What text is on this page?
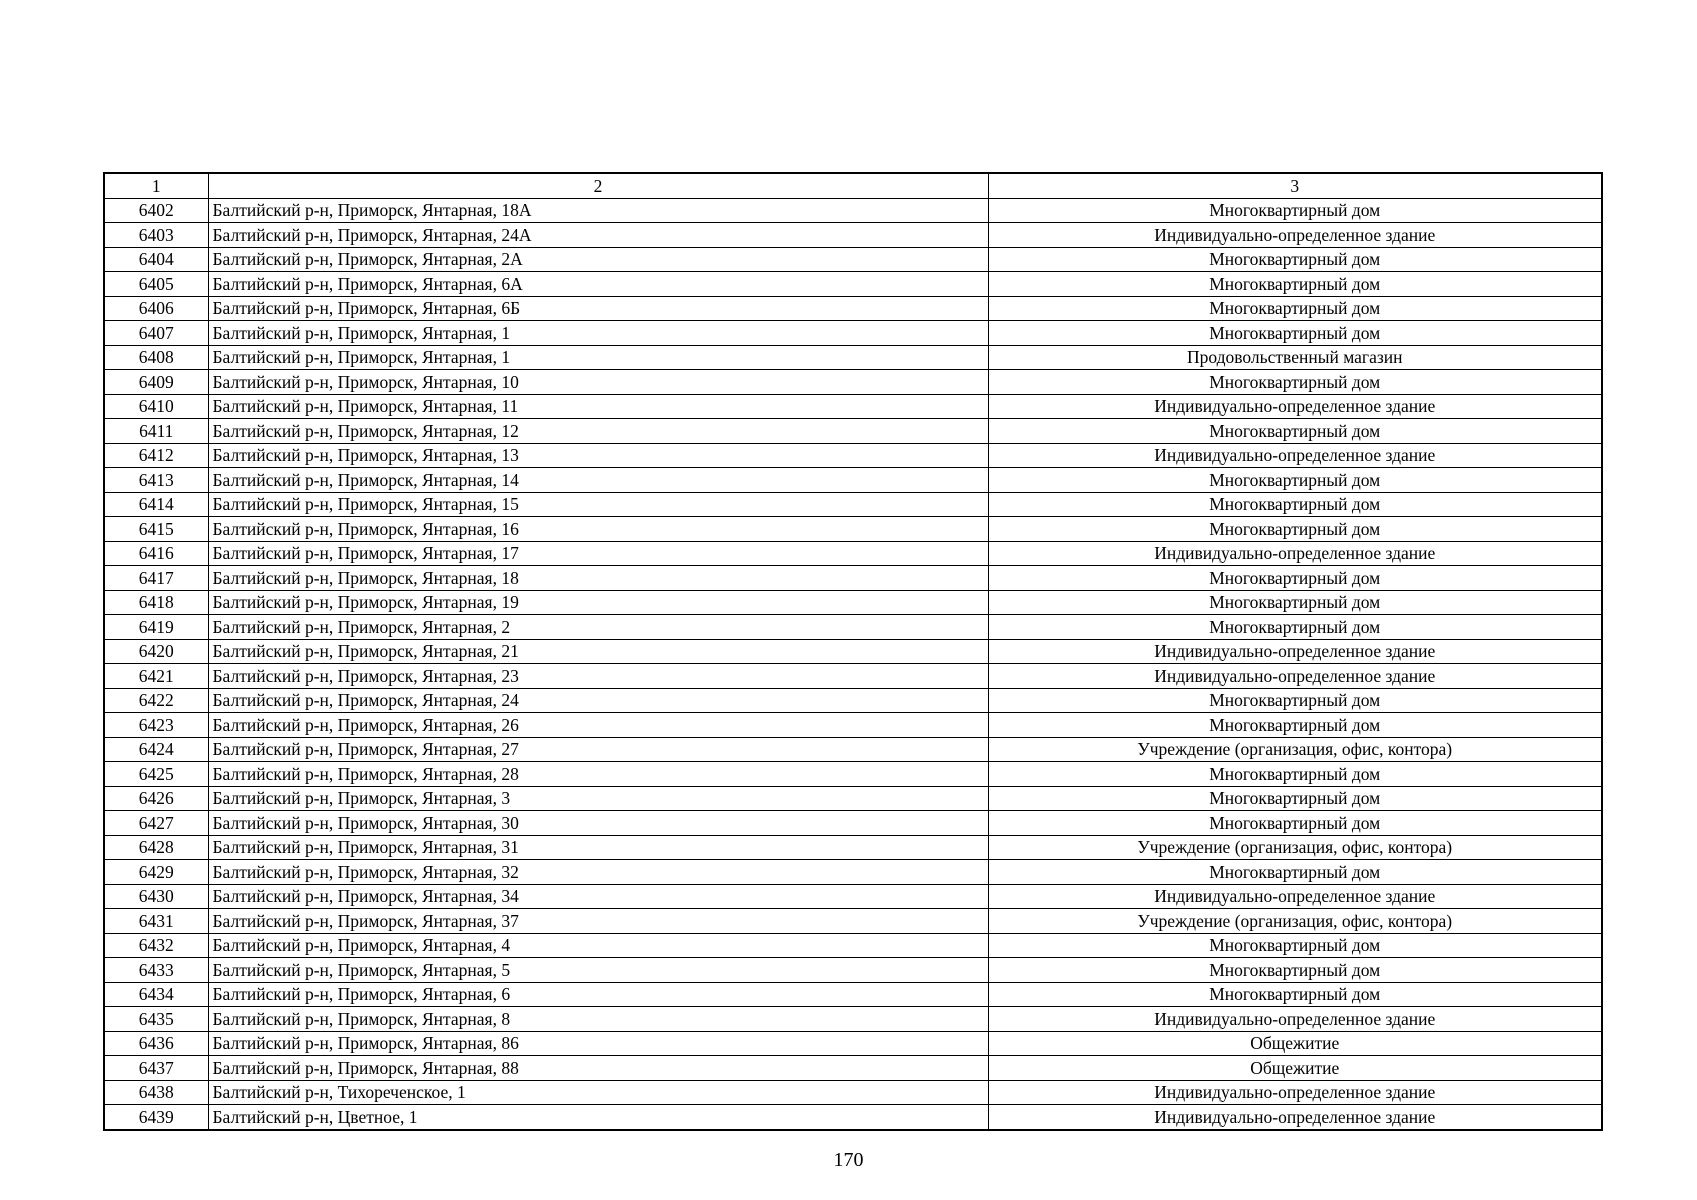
1	2	3
6402	Балтийский р-н, Приморск, Янтарная, 18А	Многоквартирный дом
6403	Балтийский р-н, Приморск, Янтарная, 24А	Индивидуально-определенное здание
6404	Балтийский р-н, Приморск, Янтарная, 2А	Многоквартирный дом
6405	Балтийский р-н, Приморск, Янтарная, 6А	Многоквартирный дом
6406	Балтийский р-н, Приморск, Янтарная, 6Б	Многоквартирный дом
6407	Балтийский р-н, Приморск, Янтарная, 1	Многоквартирный дом
6408	Балтийский р-н, Приморск, Янтарная, 1	Продовольственный магазин
6409	Балтийский р-н, Приморск, Янтарная, 10	Многоквартирный дом
6410	Балтийский р-н, Приморск, Янтарная, 11	Индивидуально-определенное здание
6411	Балтийский р-н, Приморск, Янтарная, 12	Многоквартирный дом
6412	Балтийский р-н, Приморск, Янтарная, 13	Индивидуально-определенное здание
6413	Балтийский р-н, Приморск, Янтарная, 14	Многоквартирный дом
6414	Балтийский р-н, Приморск, Янтарная, 15	Многоквартирный дом
6415	Балтийский р-н, Приморск, Янтарная, 16	Многоквартирный дом
6416	Балтийский р-н, Приморск, Янтарная, 17	Индивидуально-определенное здание
6417	Балтийский р-н, Приморск, Янтарная, 18	Многоквартирный дом
6418	Балтийский р-н, Приморск, Янтарная, 19	Многоквартирный дом
6419	Балтийский р-н, Приморск, Янтарная, 2	Многоквартирный дом
6420	Балтийский р-н, Приморск, Янтарная, 21	Индивидуально-определенное здание
6421	Балтийский р-н, Приморск, Янтарная, 23	Индивидуально-определенное здание
6422	Балтийский р-н, Приморск, Янтарная, 24	Многоквартирный дом
6423	Балтийский р-н, Приморск, Янтарная, 26	Многоквартирный дом
6424	Балтийский р-н, Приморск, Янтарная, 27	Учреждение (организация, офис, контора)
6425	Балтийский р-н, Приморск, Янтарная, 28	Многоквартирный дом
6426	Балтийский р-н, Приморск, Янтарная, 3	Многоквартирный дом
6427	Балтийский р-н, Приморск, Янтарная, 30	Многоквартирный дом
6428	Балтийский р-н, Приморск, Янтарная, 31	Учреждение (организация, офис, контора)
6429	Балтийский р-н, Приморск, Янтарная, 32	Многоквартирный дом
6430	Балтийский р-н, Приморск, Янтарная, 34	Индивидуально-определенное здание
6431	Балтийский р-н, Приморск, Янтарная, 37	Учреждение (организация, офис, контора)
6432	Балтийский р-н, Приморск, Янтарная, 4	Многоквартирный дом
6433	Балтийский р-н, Приморск, Янтарная, 5	Многоквартирный дом
6434	Балтийский р-н, Приморск, Янтарная, 6	Многоквартирный дом
6435	Балтийский р-н, Приморск, Янтарная, 8	Индивидуально-определенное здание
6436	Балтийский р-н, Приморск, Янтарная, 86	Общежитие
6437	Балтийский р-н, Приморск, Янтарная, 88	Общежитие
6438	Балтийский р-н, Тихореченское, 1	Индивидуально-определенное здание
6439	Балтийский р-н, Цветное, 1	Индивидуально-определенное здание
170
